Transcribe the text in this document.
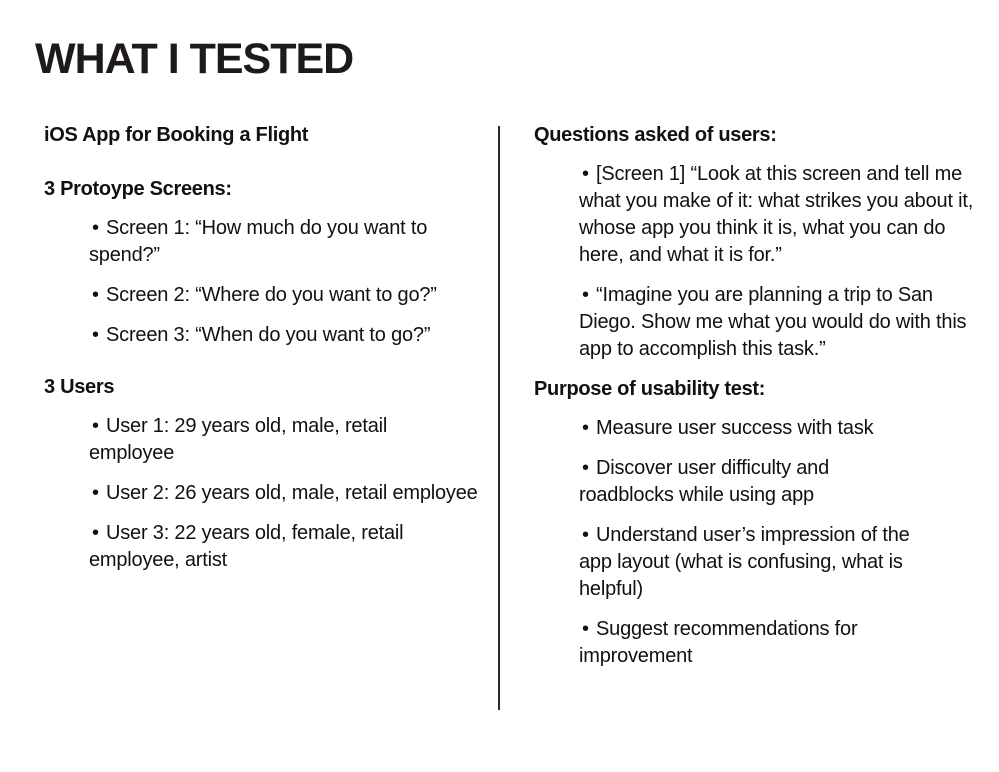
WHAT I TESTED
iOS App for Booking a Flight
3 Protoype Screens:
• Screen 1: “How much do you want to spend?”
• Screen 2: “Where do you want to go?”
• Screen 3: “When do you want to go?”
3 Users
• User 1: 29 years old, male, retail employee
• User 2: 26 years old, male, retail employee
• User 3: 22 years old, female, retail employee, artist
Questions asked of users:
• [Screen 1] “Look at this screen and tell me what you make of it: what strikes you about it, whose app you think it is, what you can do here, and what it is for.”
• “Imagine you are planning a trip to San Diego. Show me what you would do with this app to accomplish this task.”
Purpose of usability test:
• Measure user success with task
• Discover user difficulty and roadblocks while using app
• Understand user’s impression of the app layout (what is confusing, what is helpful)
• Suggest recommendations for improvement
